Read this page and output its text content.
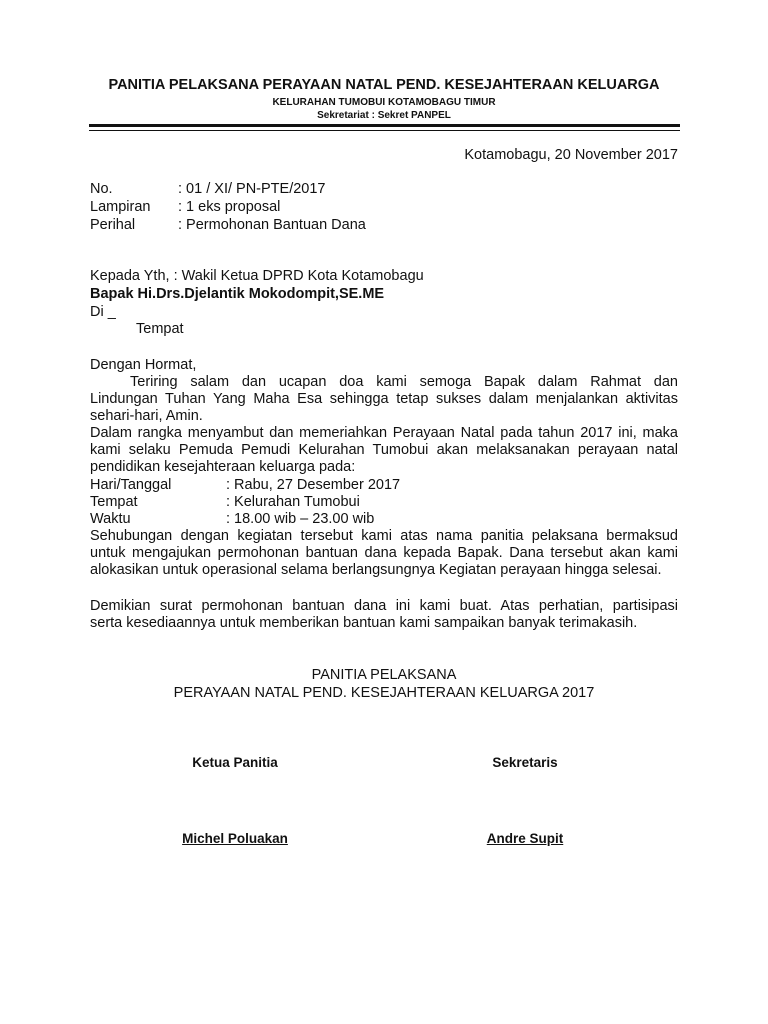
PANITIA PELAKSANA PERAYAAN NATAL PEND. KESEJAHTERAAN KELUARGA
KELURAHAN TUMOBUI KOTAMOBAGU TIMUR
Sekretariat : Sekret PANPEL
Kotamobagu, 20 November 2017
No.	: 01 / XI/ PN-PTE/2017
Lampiran : 1 eks proposal
Perihal	: Permohonan Bantuan Dana
Kepada Yth, : Wakil Ketua DPRD Kota Kotamobagu
Bapak Hi.Drs.Djelantik Mokodompit,SE.ME
Di _
Tempat
Dengan Hormat,
Teriring salam dan ucapan doa kami semoga Bapak dalam Rahmat dan
Lindungan Tuhan Yang Maha Esa sehingga tetap sukses dalam menjalankan aktivitas
sehari-hari, Amin.
Dalam rangka menyambut dan memeriahkan Perayaan Natal pada tahun 2017 ini, maka
kami selaku Pemuda Pemudi Kelurahan Tumobui akan melaksanakan perayaan natal
pendidikan kesejahteraan keluarga pada:
Hari/Tanggal	: Rabu, 27 Desember 2017
Tempat	: Kelurahan Tumobui
Waktu	: 18.00 wib – 23.00 wib
Sehubungan dengan kegiatan tersebut kami atas nama panitia pelaksana bermaksud
untuk mengajukan permohonan bantuan dana kepada Bapak. Dana tersebut akan kami
alokasikan untuk operasional selama berlangsungnya Kegiatan perayaan hingga selesai.
Demikian surat permohonan bantuan dana ini kami buat. Atas perhatian, partisipasi
serta kesediaannya untuk memberikan bantuan kami sampaikan banyak terimakasih.
PANITIA PELAKSANA
PERAYAAN NATAL PEND. KESEJAHTERAAN KELUARGA 2017
Ketua Panitia	Sekretaris
Michel Poluakan	Andre Supit
